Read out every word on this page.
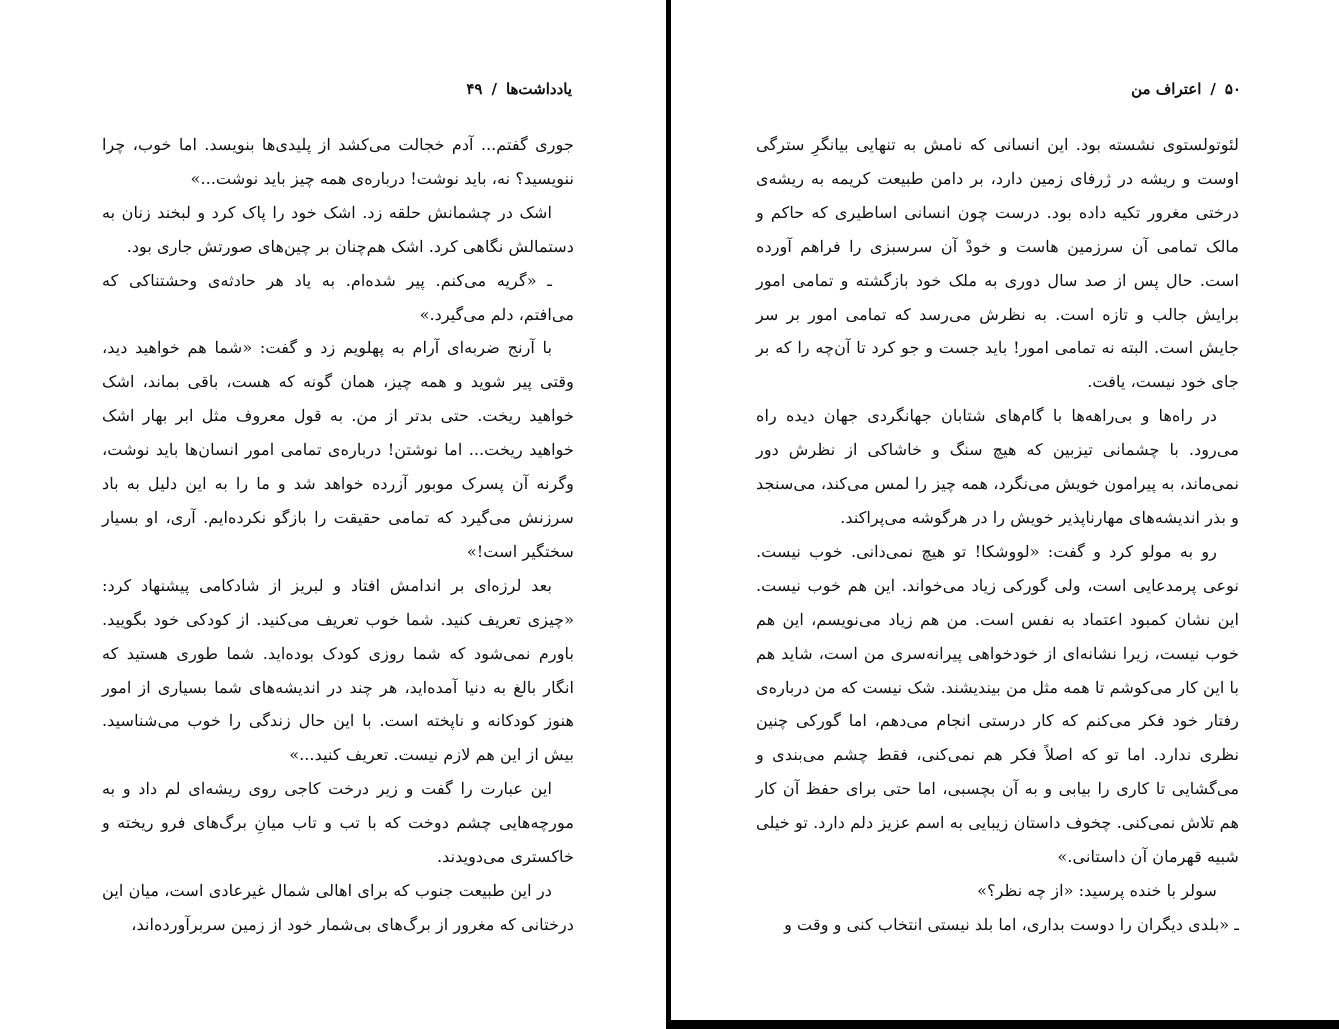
یادداشت‌ها/۴۹

جوری گفتم... آدم خجالت می‌کشد از پلیدی‌ها بنویسد. اما خوب، چرا ننویسید؟ نه، باید نوشت! درباره‌ی همه چیز باید نوشت...»

اشک در چشمانش حلقه زد. اشک خود را پاک کرد و لبخند زنان به دستمالش نگاهی کرد. اشک هم‌چنان بر چین‌های صورتش جاری بود.

ـ «گریه می‌کنم. پیر شده‌ام. به یاد هر حادثه‌ی وحشتناکی که می‌افتم، دلم می‌گیرد.»

با آرنج ضربه‌ای آرام به پهلویم زد و گفت: «شما هم خواهید دید، وقتی پیر شوید و همه چیز، همان گونه که هست، باقی بماند، اشک خواهید ریخت. حتی بدتر از من. به قول معروف مثل ابر بهار اشک خواهید ریخت... اما نوشتن! درباره‌ی تمامی امور انسان‌ها باید نوشت، وگرنه آن پسرک موبور آزرده خواهد شد و ما را به این دلیل به باد سرزنش می‌گیرد که تمامی حقیقت را بازگو نکرده‌ایم. آری، او بسیار سختگیر است!»

بعد لرزه‌ای بر اندامش افتاد و لبریز از شادکامی پیشنهاد کرد: «چیزی تعریف کنید. شما خوب تعریف می‌کنید. از کودکی خود بگویید. باورم نمی‌شود که شما روزی کودک بوده‌اید. شما طوری هستید که انگار بالغ به دنیا آمده‌اید، هر چند در اندیشه‌های شما بسیاری از امور هنوز کودکانه و ناپخته است. با این حال زندگی را خوب می‌شناسید. بیش از این هم لازم نیست. تعریف کنید...»

این عبارت را گفت و زیر درخت کاجی روی ریشه‌ای لم داد و به مورچه‌هایی چشم دوخت که با تب و تاب میانِ برگ‌های فرو ریخته و خاکستری می‌دویدند.

در این طبیعت جنوب که برای اهالی شمال غیرعادی است، میان این درختانی که مغرور از برگ‌های بی‌شمار خود از زمین سربرآورده‌اند،

۵۰/اعتراف من

لئوتولستوی نشسته بود. این انسانی که نامش به تنهایی بیانگرِ سترگی اوست و ریشه در ژرفای زمین دارد، بر دامن طبیعت کریمه به ریشه‌ی درختی مغرور تکیه داده بود. درست چون انسانی اساطیری که حاکم و مالک تمامی آن سرزمین هاست و خودْ آن سرسبزی را فراهم آورده است. حال پس از صد سال دوری به ملک خود بازگشته و تمامی امور برایش جالب و تازه است. به نظرش می‌رسد که تمامی امور بر سر جایش است. البته نه تمامی امور! باید جست و جو کرد تا آن‌چه را که بر جای خود نیست، یافت.

در راه‌ها و بی‌راهه‌ها با گام‌های شتابان جهانگردی جهان دیده راه می‌رود. با چشمانی تیزبین که هیچ سنگ و خاشاکی از نظرش دور نمی‌ماند، به پیرامون خویش می‌نگرد، همه چیز را لمس می‌کند، می‌سنجد و بذر اندیشه‌های مهارناپذیر خویش را در هرگوشه می‌پراکند.

رو به مولو کرد و گفت: «لووشکا! تو هیچ نمی‌دانی. خوب نیست. نوعی پرمدعایی است، ولی گورکی زیاد می‌خواند. این هم خوب نیست. این نشان کمبود اعتماد به نفس است. من هم زیاد می‌نویسم، این هم خوب نیست، زیرا نشانه‌ای از خودخواهی پیرانه‌سری من است، شاید هم با این کار می‌کوشم تا همه مثل من بیندیشند. شک نیست که من درباره‌ی رفتار خود فکر می‌کنم که کار درستی انجام می‌دهم، اما گورکی چنین نظری ندارد. اما تو که اصلاً فکر هم نمی‌کنی، فقط چشم می‌بندی و می‌گشایی تا کاری را بیابی و به آن بچسبی، اما حتی برای حفظ آن کار هم تلاش نمی‌کنی. چخوف داستان زیبایی به اسم عزیز دلم دارد. تو خیلی شبیه قهرمان آن داستانی.»

سولر با خنده پرسید: «از چه نظر؟»

ـ «بلدی دیگران را دوست بداری، اما بلد نیستی انتخاب کنی و وقت و
